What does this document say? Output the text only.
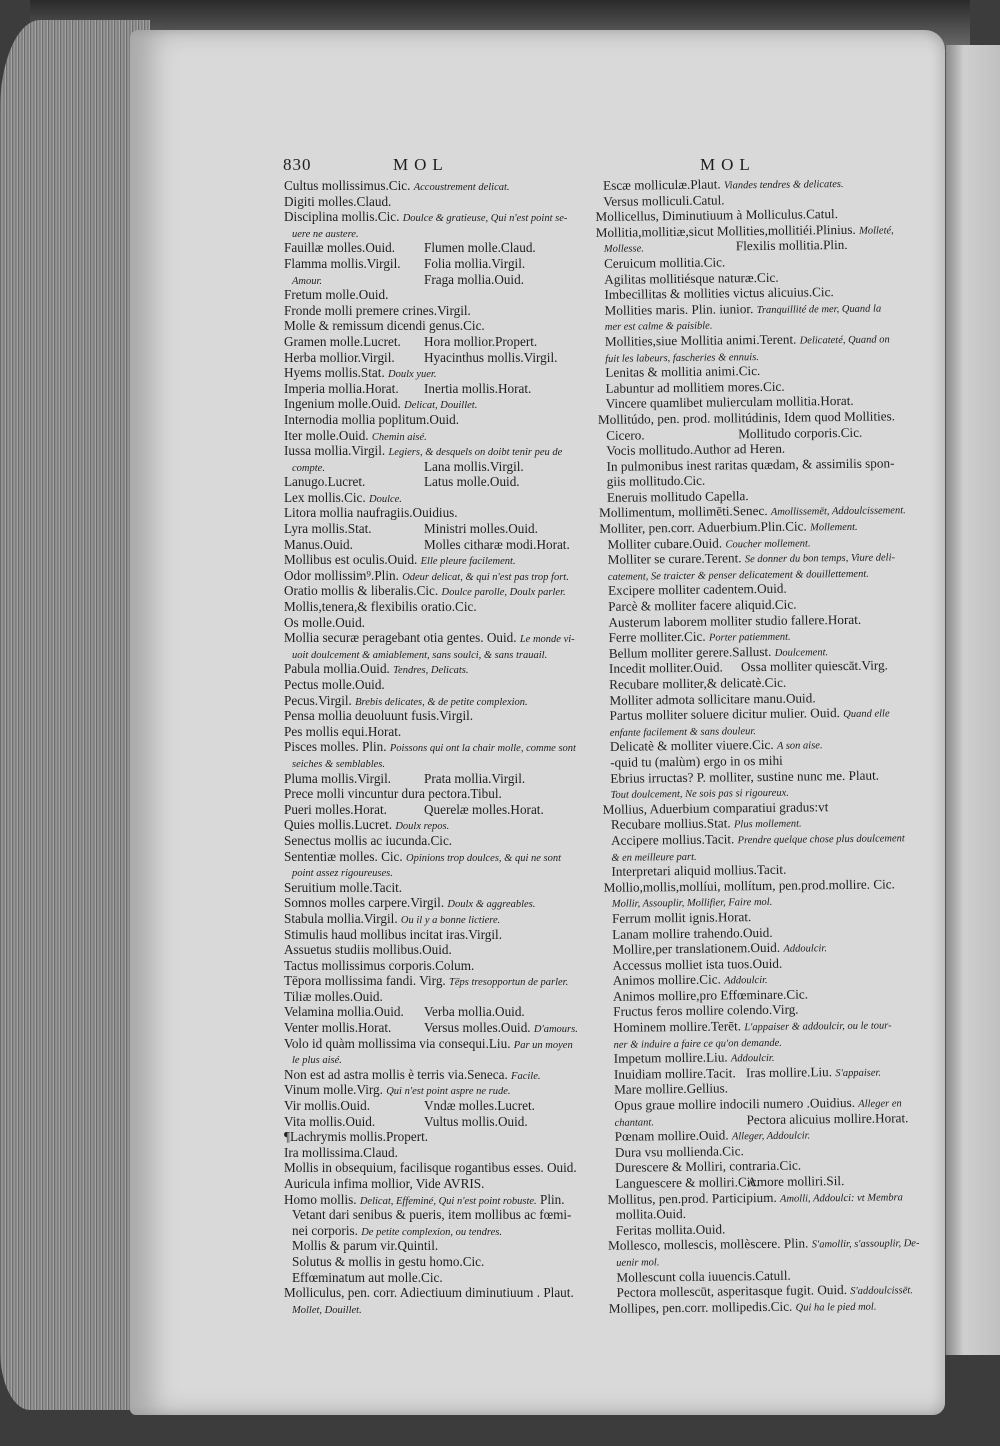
830	MOL	MOL
Cultus mollissimus.Cic. Accoustrement delicat.
Digiti molles.Claud.
Disciplina mollis.Cic. Doulce & gratieuse, Qui n'est point se-
uere ne austere.
Fauillæ molles.Ouid. Flumen molle.Claud.
Flamma mollis.Virgil. Folia mollia.Virgil.
Amour.	Fraga mollia.Ouid.
Fretum molle.Ouid.
Fronde molli premere crines.Virgil.
Molle & remissum dicendi genus.Cic.
Gramen molle.Lucret. Hora mollior.Propert.
Herba mollior.Virgil. Hyacinthus mollis.Virgil.
Hyems mollis.Stat. Doulx yuer.
Imperia mollia.Horat. Inertia mollis.Horat.
Ingenium molle.Ouid. Delicat, Douillet.
Internodia mollia poplitum.Ouid.
Iter molle.Ouid. Chemin aisé.
Iussa mollia.Virgil. Legiers, & desquels on doibt tenir peu de
compte.	Lana mollis.Virgil.
Lanugo.Lucret.	Latus molle.Ouid.
Lex mollis.Cic. Doulce.
Litora mollia naufragiis.Ouidius.
Lyra mollis.Stat.	Ministri molles.Ouid.
Manus.Ouid.	Molles citharæ modi.Horat.
Mollibus est oculis.Ouid. Elle pleure facilement.
Odor mollissim⁹.Plin. Odeur delicat, & qui n'est pas trop fort.
Oratio mollis & liberalis.Cic. Doulce parolle, Doulx parler.
Mollis,tenera,& flexibilis oratio.Cic.
Os molle.Ouid.
Mollia securæ peragebant otia gentes. Ouid. Le monde vi-
uoit doulcement & amiablement, sans soulci, & sans trauail.
Pabula mollia.Ouid. Tendres, Delicats.
Pectus molle.Ouid.
Pecus.Virgil. Brebis delicates, & de petite complexion.
Pensa mollia deuoluunt fusis.Virgil.
Pes mollis equi.Horat.
Pisces molles. Plin. Poissons qui ont la chair molle, comme sont
seiches & semblables.
Pluma mollis.Virgil. Prata mollia.Virgil.
Prece molli vincuntur dura pectora.Tibul.
Pueri molles.Horat.	Querelæ molles.Horat.
Quies mollis.Lucret. Doulx repos.
Senectus mollis ac iucunda.Cic.
Sententiæ molles. Cic. Opinions trop doulces, & qui ne sont
point assez rigoureuses.
Seruitium molle.Tacit.
Somnos molles carpere.Virgil. Doulx & aggreables.
Stabula mollia.Virgil. Ou il y a bonne lictiere.
Stimulis haud mollibus incitat iras.Virgil.
Assuetus studiis mollibus.Ouid.
Tactus mollissimus corporis.Colum.
Tēpora mollissima fandi. Virg. Tēps tresopportun de parler.
Tiliæ molles.Ouid.
Velamina mollia.Ouid. Verba mollia.Ouid.
Venter mollis.Horat. Versus molles.Ouid. D'amours.
Volo id quàm mollissima via consequi.Liu. Par un moyen
le plus aisé.
Non est ad astra mollis è terris via.Seneca. Facile.
Vinum molle.Virg. Qui n'est point aspre ne rude.
Vir mollis.Ouid.	Vndæ molles.Lucret.
Vita mollis.Ouid.	Vultus mollis.Ouid.
¶Lachrymis mollis.Propert.
Ira mollissima.Claud.
Mollis in obsequium, facilisque rogantibus esses. Ouid.
Auricula infima mollior, Vide AVRIS.
Homo mollis. Delicat, Effeminé, Qui n'est point robuste. Plin.
Vetant dari senibus & pueris, item mollibus ac fœmi-
nei corporis. De petite complexion, ou tendres.
Mollis & parum vir.Quintil.
Solutus & mollis in gestu homo.Cic.
Effœminatum aut molle.Cic.
Molliculus, pen. corr. Adiectiuum diminutiuum . Plaut.
Mollet, Douillet.
Escæ molliculæ.Plaut. Viandes tendres & delicates.
Versus molliculi.Catul.
Mollicellus, Diminutiuum à Molliculus.Catul.
Mollitia,mollitiæ,sicut Mollities,mollitiéi.Plinius. Molleté,
Mollesse.	Flexilis mollitia.Plin.
Ceruicum mollitia.Cic.
Agilitas mollitiésque naturæ.Cic.
Imbecillitas & mollities victus alicuius.Cic.
Mollities maris. Plin. iunior. Tranquillité de mer, Quand la
mer est calme & paisible.
Mollities,siue Mollitia animi.Terent. Delicateté, Quand on
fuit les labeurs, fascheries & ennuis.
Lenitas & mollitia animi.Cic.
Labuntur ad mollitiem mores.Cic.
Vincere quamlibet mulierculam mollitia.Horat.
Mollitúdo, pen. prod. mollitúdinis, Idem quod Mollities.
Cicero.	Mollitudo corporis.Cic.
Vocis mollitudo.Author ad Heren.
In pulmonibus inest raritas quædam, & assimilis spon-
giis mollitudo.Cic.
Eneruis mollitudo Capella.
Mollimentum, mollimēti.Senec. Amollissemēt, Addoulcissement.
Molliter, pen.corr. Aduerbium.Plin.Cic. Mollement.
Molliter cubare.Ouid. Coucher mollement.
Molliter se curare.Terent. Se donner du bon temps, Viure deli-
catement, Se traicter & penser delicatement & douillettement.
Excipere molliter cadentem.Ouid.
Parcè & molliter facere aliquid.Cic.
Austerum laborem molliter studio fallere.Horat.
Ferre molliter.Cic. Porter patiemment.
Bellum molliter gerere.Sallust. Doulcement.
Incedit molliter.Ouid. Ossa molliter quiescāt.Virg.
Recubare molliter,& delicatè.Cic.
Molliter admota sollicitare manu.Ouid.
Partus molliter soluere dicitur mulier. Ouid. Quand elle
enfante facilement & sans douleur.
Delicatè & molliter viuere.Cic. A son aise.
-quid tu (malùm) ergo in os mihi
Ebrius irructas? P. molliter, sustine nunc me. Plaut.
Tout doulcement, Ne sois pas si rigoureux.
Mollius, Aduerbium comparatiui gradus:vt
Recubare mollius.Stat. Plus mollement.
Accipere mollius.Tacit. Prendre quelque chose plus doulcement
& en meilleure part.
Interpretari aliquid mollius.Tacit.
Mollio,mollis,mollíui, mollítum, pen.prod.mollire. Cic.
Mollir, Assouplir, Mollifier, Faire mol.
Ferrum mollit ignis.Horat.
Lanam mollire trahendo.Ouid.
Mollire,per translationem.Ouid. Addoulcir.
Accessus molliet ista tuos.Ouid.
Animos mollire.Cic. Addoulcir.
Animos mollire,pro Effœminare.Cic.
Fructus feros mollire colendo.Virg.
Hominem mollire.Terēt. L'appaiser & addoulcir, ou le tour-
ner & induire a faire ce qu'on demande.
Impetum mollire.Liu. Addoulcir.
Inuidiam mollire.Tacit. Iras mollire.Liu. S'appaiser.
Mare mollire.Gellius.
Opus graue mollire indocili numero .Ouidius. Alleger en
chantant.	Pectora alicuius mollire.Horat.
Pœnam mollire.Ouid. Alleger, Addoulcir.
Dura vsu mollienda.Cic.
Durescere & Molliri, contraria.Cic.
Languescere & molliri.Cic.
Amore molliri.Sil.
Mollitus, pen.prod. Participium. Amolli, Addoulci: vt Membra
mollita.Ouid.
Feritas mollita.Ouid.
Mollesco, mollescis, mollèscere. Plin. S'amollir, s'assouplir, De-
uenir mol.
Mollescunt colla iuuencis.Catull.
Pectora mollescūt, asperitasque fugit. Ouid. S'addoulcissēt.
Mollipes, pen.corr. mollipedis.Cic. Qui ha le pied mol.
